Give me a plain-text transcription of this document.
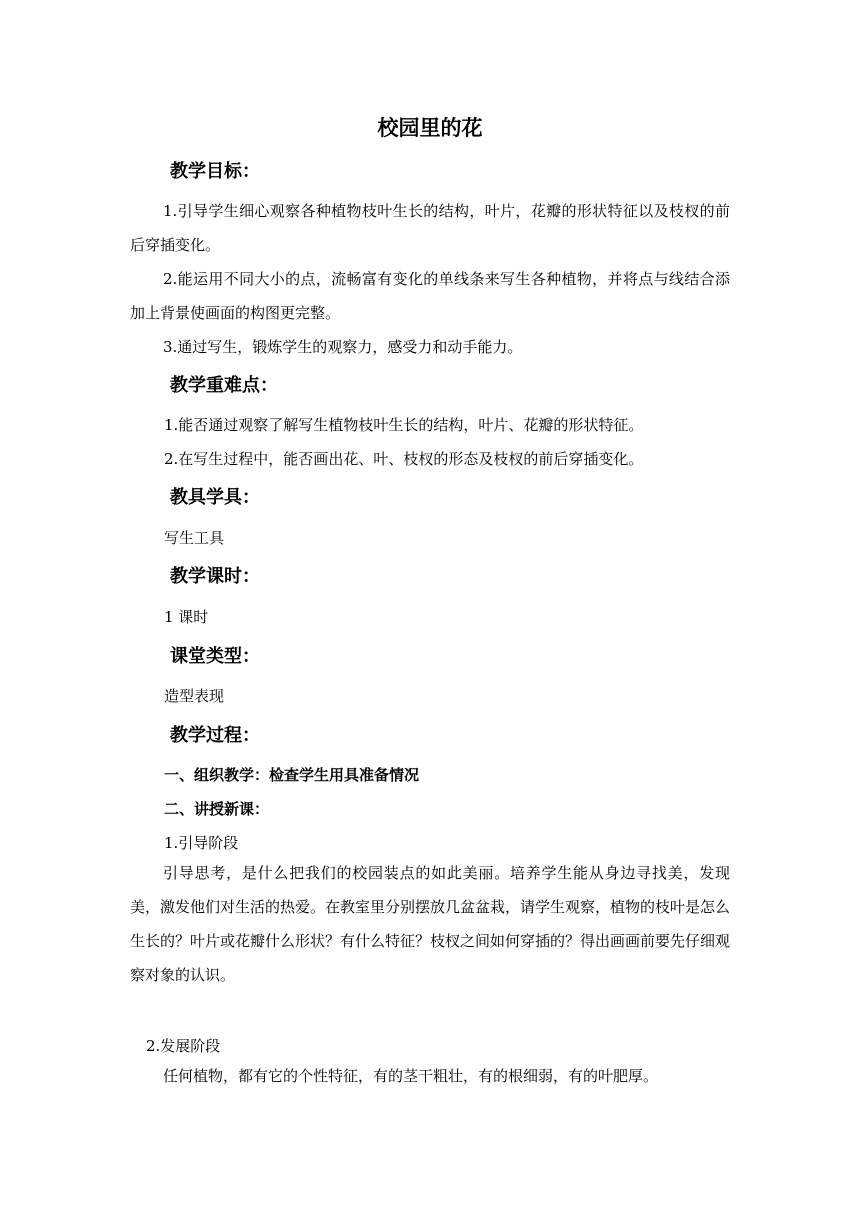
校园里的花
教学目标：

1.引导学生细心观察各种植物枝叶生长的结构，叶片，花瓣的形状特征以及枝杈的前后穿插变化。

2.能运用不同大小的点，流畅富有变化的单线条来写生各种植物，并将点与线结合添加上背景使画面的构图更完整。

3.通过写生，锻炼学生的观察力，感受力和动手能力。

教学重难点：
1.能否通过观察了解写生植物枝叶生长的结构，叶片、花瓣的形状特征。
2.在写生过程中，能否画出花、叶、枝杈的形态及枝杈的前后穿插变化。
教具学具：
写生工具
教学课时：
1 课时
课堂类型：
造型表现
教学过程：
一、组织教学：检查学生用具准备情况
二、讲授新课：
1.引导阶段

引导思考，是什么把我们的校园装点的如此美丽。培养学生能从身边寻找美，发现美，激发他们对生活的热爱。在教室里分别摆放几盆盆栽，请学生观察，植物的枝叶是怎么生长的？叶片或花瓣什么形状？有什么特征？枝杈之间如何穿插的？得出画画前要先仔细观察对象的认识。

2.发展阶段

任何植物，都有它的个性特征，有的茎干粗壮，有的根细弱，有的叶肥厚。
